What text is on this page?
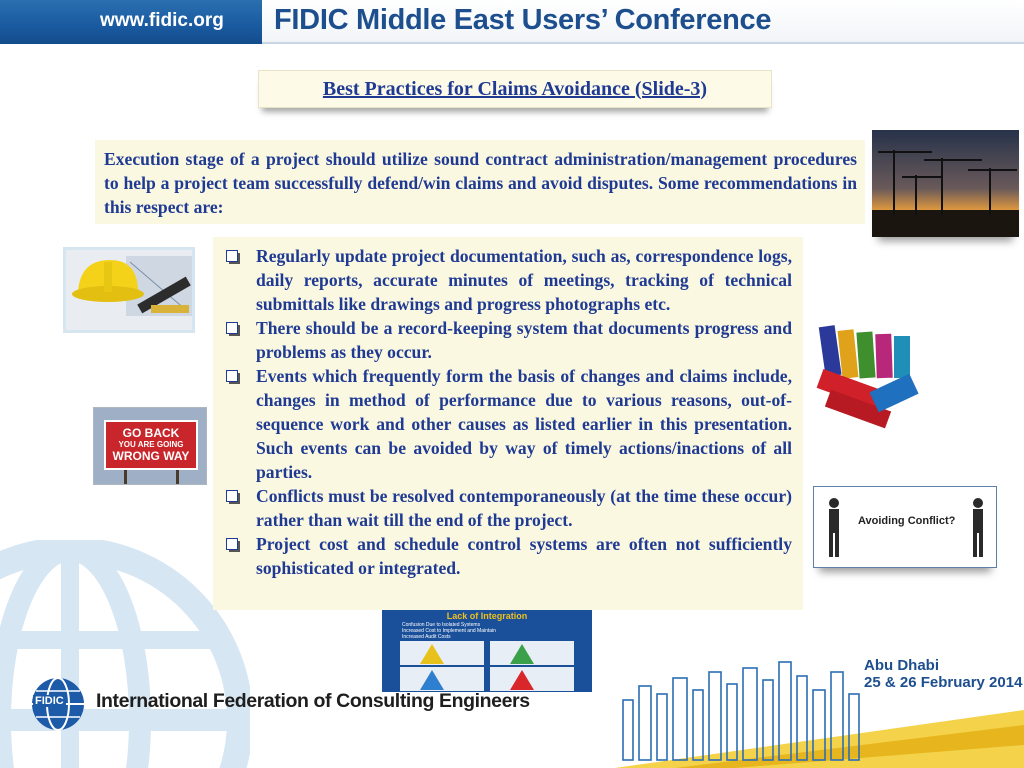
www.fidic.org FIDIC Middle East Users’ Conference
Best Practices for Claims Avoidance (Slide-3)

Execution stage of a project should utilize sound contract administration/management procedures to help a project team successfully defend/win claims and avoid disputes. Some recommendations in this respect are:

GO BACK
YOU ARE GOING
WRONG WAY
Avoiding Conflict?
Regularly update project documentation, such as, correspondence logs, daily reports, accurate minutes of meetings, tracking of technical submittals like drawings and progress photographs etc.
There should be a record-keeping system that documents progress and problems as they occur.
Events which frequently form the basis of changes and claims include, changes in method of performance due to various reasons, out-of-sequence work and other causes as listed earlier in this presentation. Such events can be avoided by way of timely actions/inactions of all parties.
Conflicts must be resolved contemporaneously (at the time these occur) rather than wait till the end of the project.
Project cost and schedule control systems are often not sufficiently sophisticated or integrated.
Lack of Integration
Confusion Due to Isolated Systems
Increased Cost to Implement and Maintain
Increased Audit Costs
FIDIC International Federation of Consulting Engineers
Abu Dhabi
25 & 26 February 2014
